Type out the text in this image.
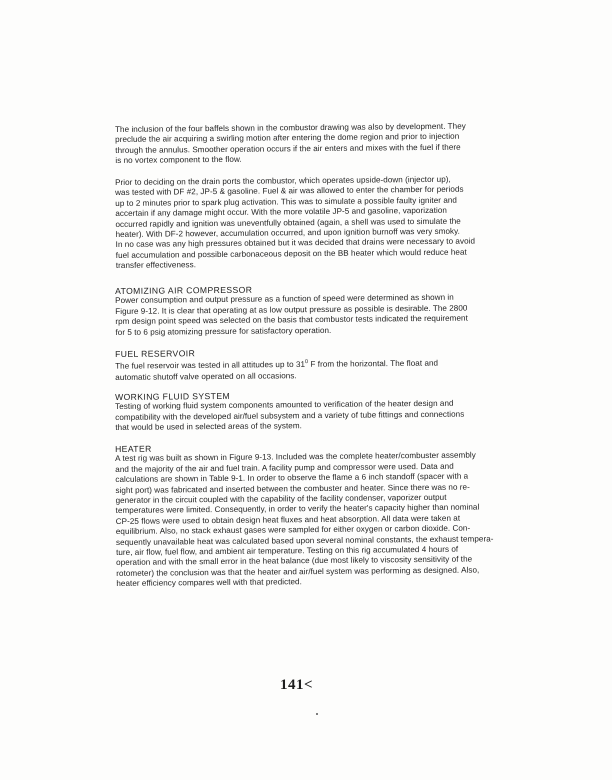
The inclusion of the four baffels shown in the combustor drawing was also by development. They
preclude the air acquiring a swirling motion after entering the dome region and prior to injection
through the annulus. Smoother operation occurs if the air enters and mixes with the fuel if there
is no vortex component to the flow.

Prior to deciding on the drain ports the combustor, which operates upside-down (injector up),
was tested with DF #2, JP-5 & gasoline. Fuel & air was allowed to enter the chamber for periods
up to 2 minutes prior to spark plug activation. This was to simulate a possible faulty igniter and
accertain if any damage might occur. With the more volatile JP-5 and gasoline, vaporization
occurred rapidly and ignition was uneventfully obtained (again, a shell was used to simulate the
heater). With DF-2 however, accumulation occurred, and upon ignition burnoff was very smoky.
In no case was any high pressures obtained but it was decided that drains were necessary to avoid
fuel accumulation and possible carbonaceous deposit on the BB heater which would reduce heat
transfer effectiveness.

ATOMIZING AIR COMPRESSOR

Power consumption and output pressure as a function of speed were determined as shown in
Figure 9-12. It is clear that operating at as low output pressure as possible is desirable. The 2800
rpm design point speed was selected on the basis that combustor tests indicated the requirement
for 5 to 6 psig atomizing pressure for satisfactory operation.

FUEL RESERVOIR

The fuel reservoir was tested in all attitudes up to $31^0$ F from the horizontal. The float and
automatic shutoff valve operated on all occasions.

WORKING FLUID SYSTEM

Testing of working fluid system components amounted to verification of the heater design and
compatibility with the developed air/fuel subsystem and a variety of tube fittings and connections
that would be used in selected areas of the system.

HEATER

A test rig was built as shown in Figure 9-13. Included was the complete heater/combuster assembly
and the majority of the air and fuel train. A facility pump and compressor were used. Data and
calculations are shown in Table 9-1. In order to observe the flame a 6 inch standoff (spacer with a
sight port) was fabricated and inserted between the combuster and heater. Since there was no re-
generator in the circuit coupled with the capability of the facility condenser, vaporizer output
temperatures were limited. Consequently, in order to verify the heater's capacity higher than nominal
CP-25 flows were used to obtain design heat fluxes and heat absorption. All data were taken at
equilibrium. Also, no stack exhaust gases were sampled for either oxygen or carbon dioxide. Con-
sequently unavailable heat was calculated based upon several nominal constants, the exhaust tempera-
ture, air flow, fuel flow, and ambient air temperature. Testing on this rig accumulated 4 hours of
operation and with the small error in the heat balance (due most likely to viscosity sensitivity of the
rotometer) the conclusion was that the heater and air/fuel system was performing as designed. Also,
heater efficiency compares well with that predicted.

141<
